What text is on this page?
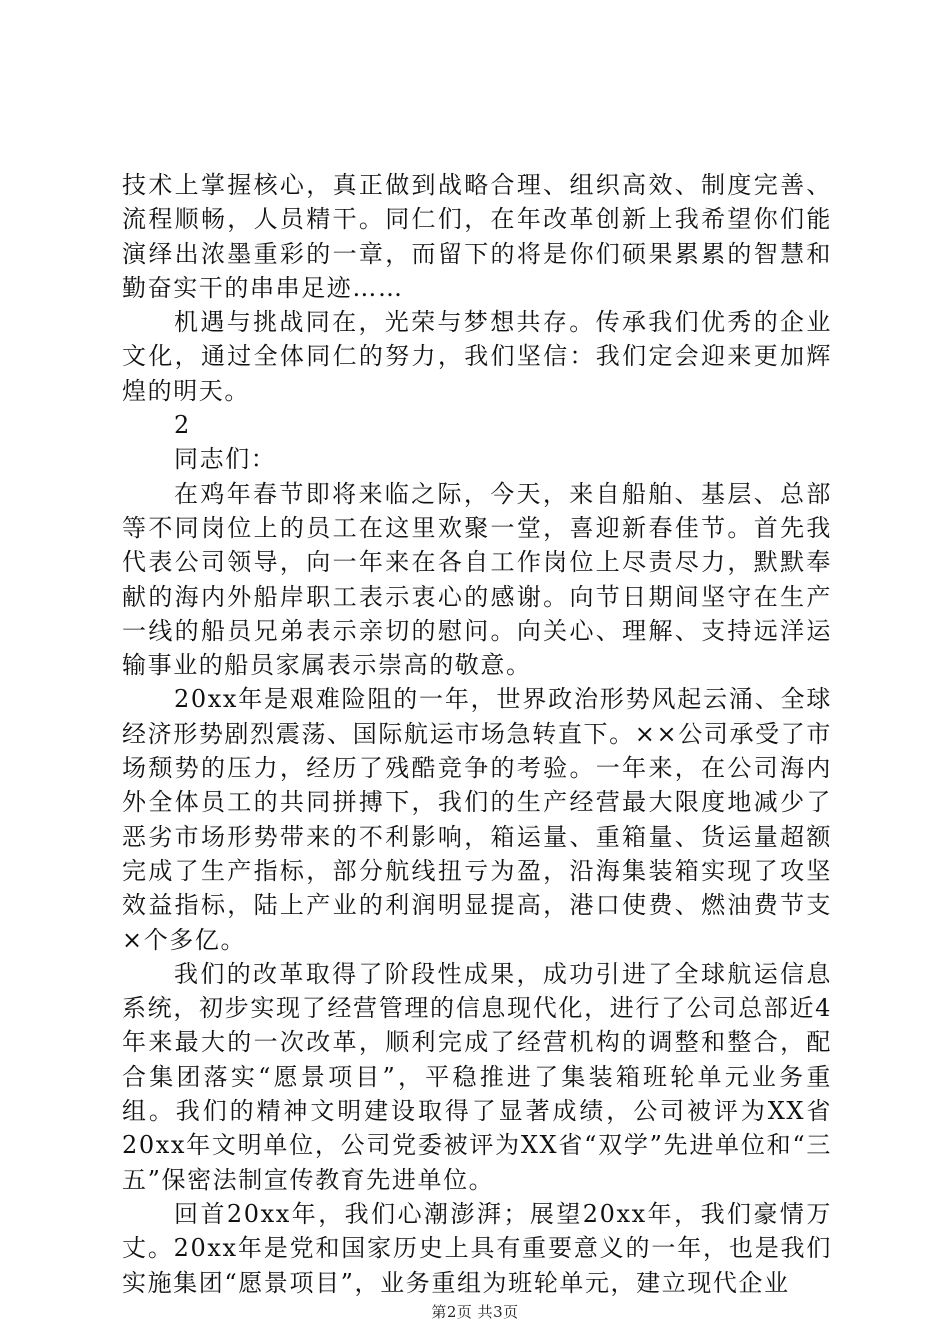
技术上掌握核心，真正做到战略合理、组织高效、制度完善、流程顺畅，人员精干。同仁们，在年改革创新上我希望你们能演绎出浓墨重彩的一章，而留下的将是你们硕果累累的智慧和勤奋实干的串串足迹……

机遇与挑战同在，光荣与梦想共存。传承我们优秀的企业文化，通过全体同仁的努力，我们坚信：我们定会迎来更加辉煌的明天。

2

同志们：

在鸡年春节即将来临之际，今天，来自船舶、基层、总部等不同岗位上的员工在这里欢聚一堂，喜迎新春佳节。首先我代表公司领导，向一年来在各自工作岗位上尽责尽力，默默奉献的海内外船岸职工表示衷心的感谢。向节日期间坚守在生产一线的船员兄弟表示亲切的慰问。向关心、理解、支持远洋运输事业的船员家属表示崇高的敬意。

20xx年是艰难险阻的一年，世界政治形势风起云涌、全球经济形势剧烈震荡、国际航运市场急转直下。××公司承受了市场颓势的压力，经历了残酷竞争的考验。一年来，在公司海内外全体员工的共同拼搏下，我们的生产经营最大限度地减少了恶劣市场形势带来的不利影响，箱运量、重箱量、货运量超额完成了生产指标，部分航线扭亏为盈，沿海集装箱实现了攻坚效益指标，陆上产业的利润明显提高，港口使费、燃油费节支×个多亿。

我们的改革取得了阶段性成果，成功引进了全球航运信息系统，初步实现了经营管理的信息现代化，进行了公司总部近4年来最大的一次改革，顺利完成了经营机构的调整和整合，配合集团落实“愿景项目”，平稳推进了集装箱班轮单元业务重组。我们的精神文明建设取得了显著成绩，公司被评为XX省20xx年文明单位，公司党委被评为XX省“双学”先进单位和“三五”保密法制宣传教育先进单位。

回首20xx年，我们心潮澎湃；展望20xx年，我们豪情万丈。20xx年是党和国家历史上具有重要意义的一年，也是我们实施集团“愿景项目”，业务重组为班轮单元，建立现代企业

第2页 共3页
